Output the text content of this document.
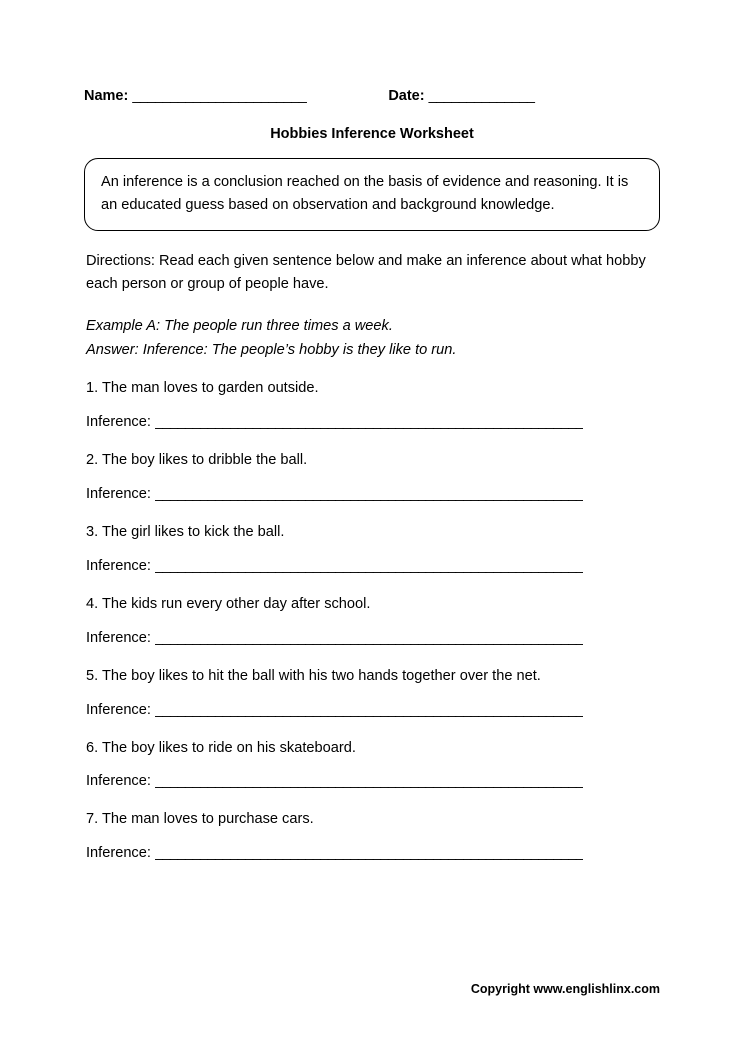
Name: _______________________	Date: ______________
Hobbies Inference Worksheet
An inference is a conclusion reached on the basis of evidence and reasoning. It is an educated guess based on observation and background knowledge.
Directions: Read each given sentence below and make an inference about what hobby each person or group of people have.
Example A: The people run three times a week.
Answer: Inference: The people’s hobby is they like to run.
1. The man loves to garden outside.
Inference: _________________________________________________________
2. The boy likes to dribble the ball.
Inference: _________________________________________________________
3. The girl likes to kick the ball.
Inference: _________________________________________________________
4. The kids run every other day after school.
Inference: _________________________________________________________
5. The boy likes to hit the ball with his two hands together over the net.
Inference: _________________________________________________________
6. The boy likes to ride on his skateboard.
Inference: _________________________________________________________
7. The man loves to purchase cars.
Inference: _________________________________________________________
Copyright www.englishlinx.com
